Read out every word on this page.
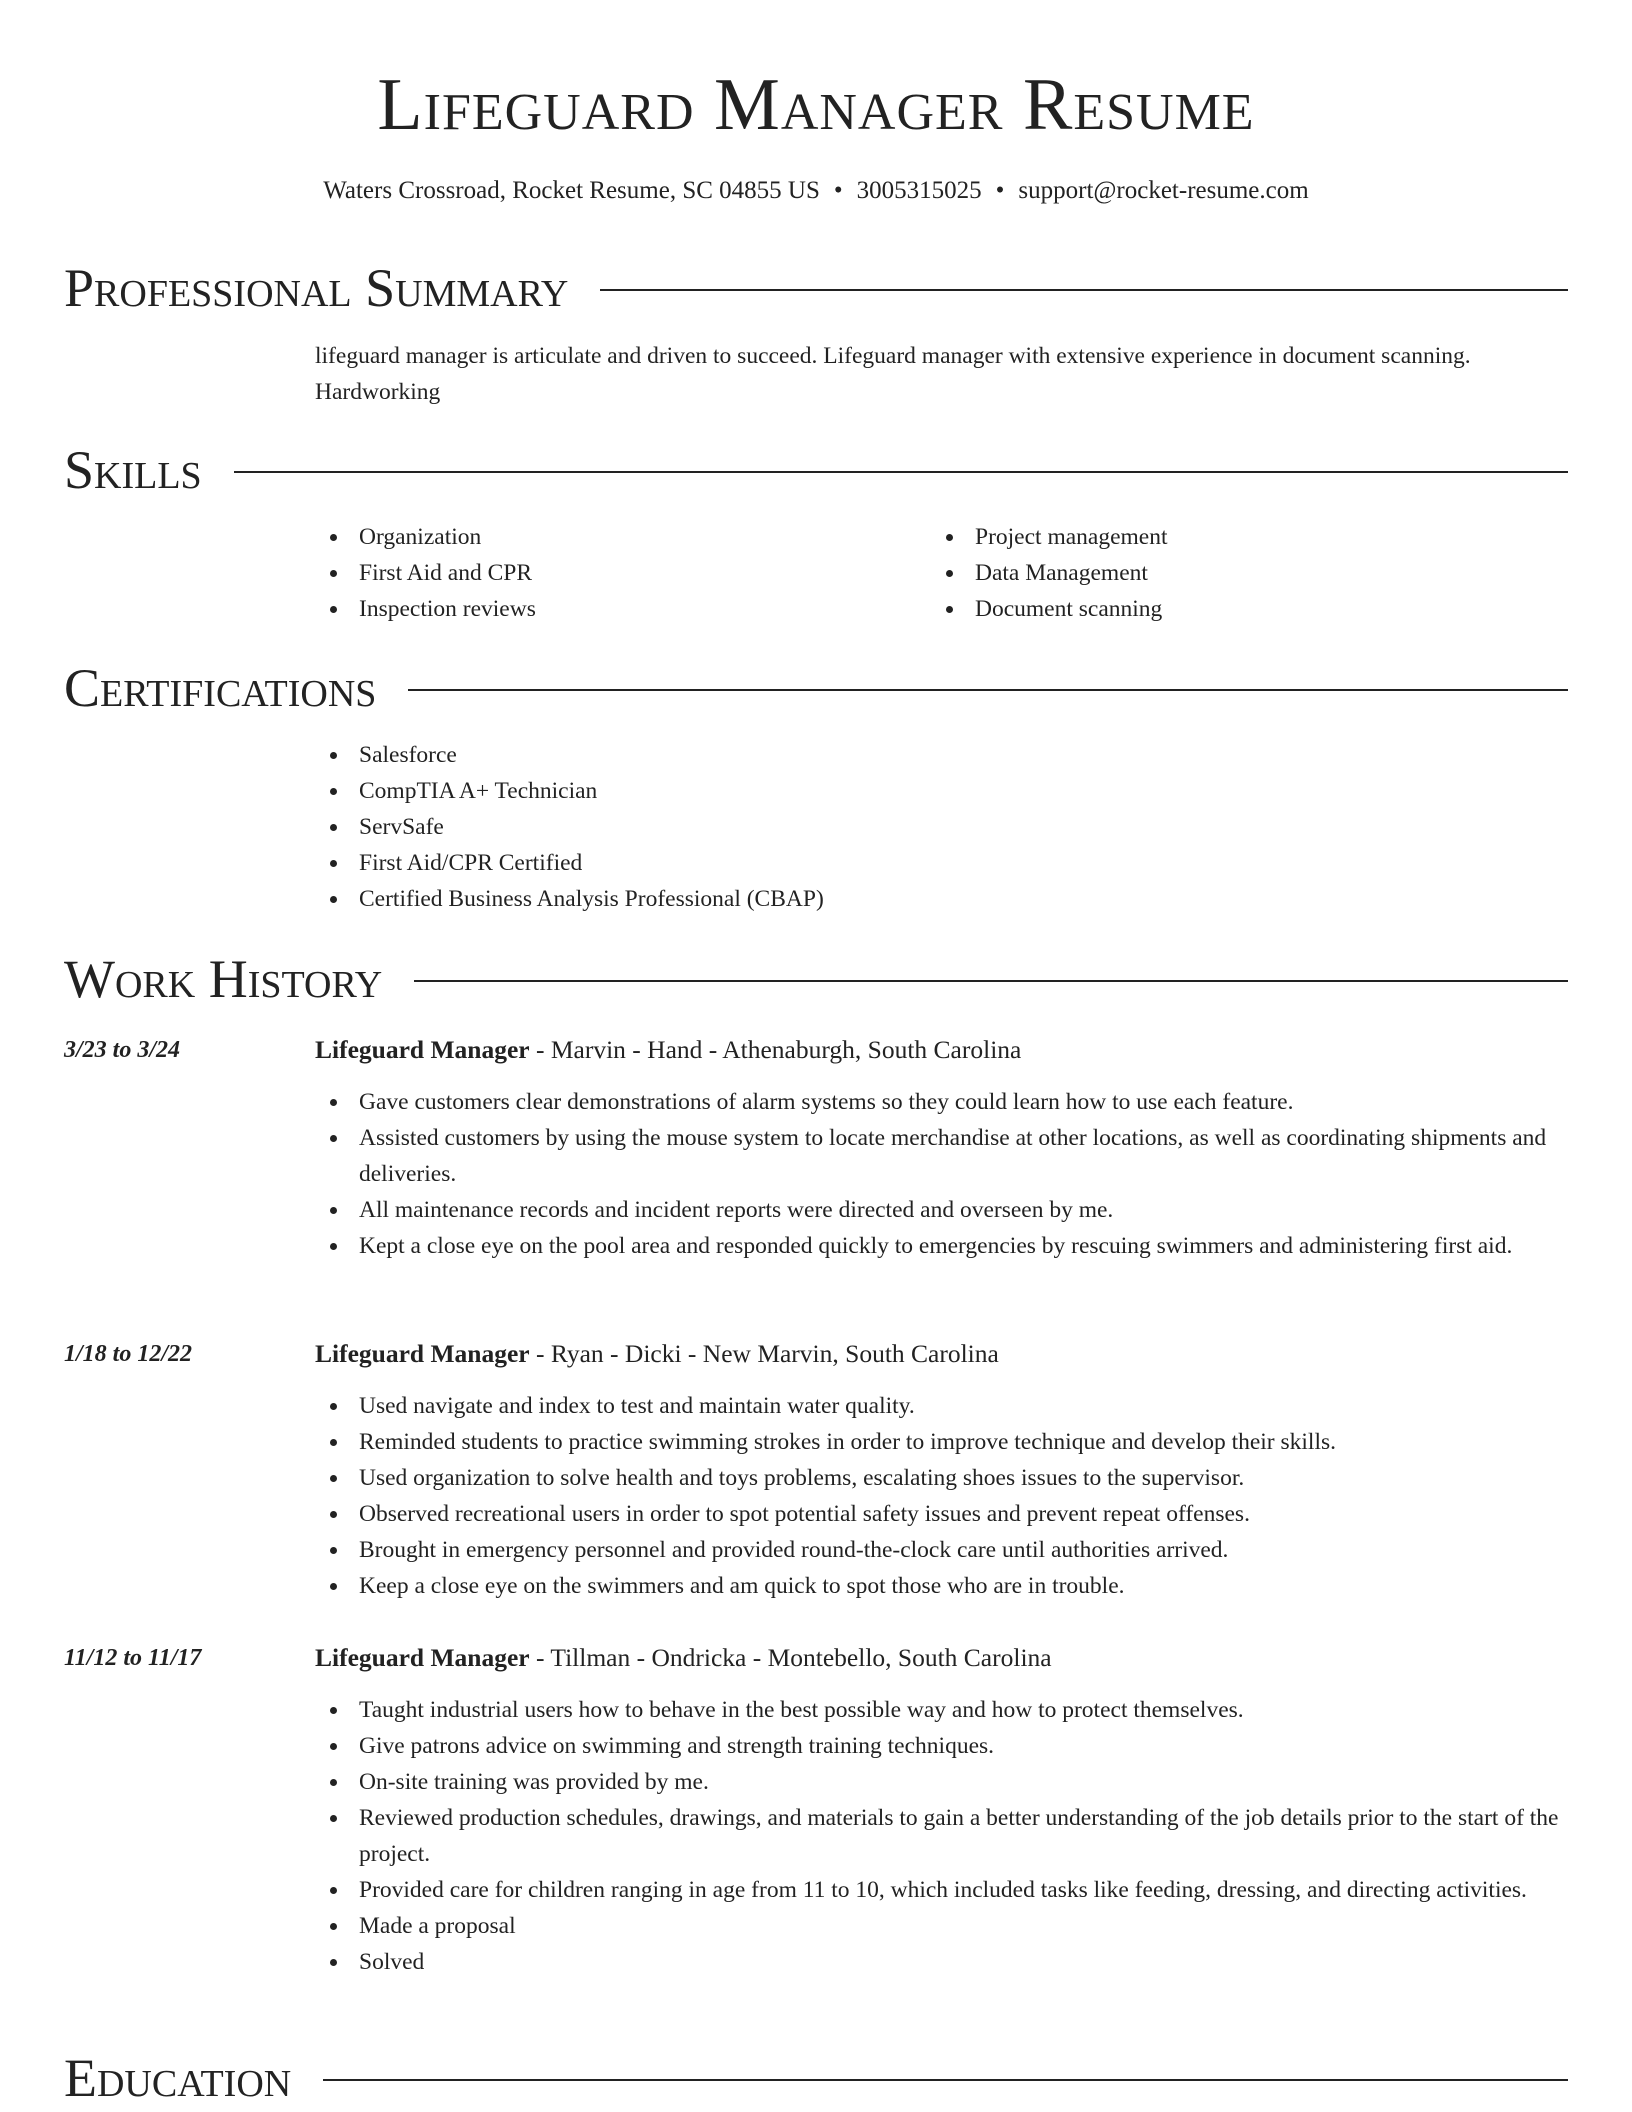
Lifeguard Manager Resume
Waters Crossroad, Rocket Resume, SC 04855 US • 3005315025 • support@rocket-resume.com
Professional Summary
lifeguard manager is articulate and driven to succeed. Lifeguard manager with extensive experience in document scanning. Hardworking
Skills
Organization
First Aid and CPR
Inspection reviews
Project management
Data Management
Document scanning
Certifications
Salesforce
CompTIA A+ Technician
ServSafe
First Aid/CPR Certified
Certified Business Analysis Professional (CBAP)
Work History
3/23 to 3/24	Lifeguard Manager - Marvin - Hand - Athenaburgh, South Carolina
Gave customers clear demonstrations of alarm systems so they could learn how to use each feature.
Assisted customers by using the mouse system to locate merchandise at other locations, as well as coordinating shipments and deliveries.
All maintenance records and incident reports were directed and overseen by me.
Kept a close eye on the pool area and responded quickly to emergencies by rescuing swimmers and administering first aid.
1/18 to 12/22	Lifeguard Manager - Ryan - Dicki - New Marvin, South Carolina
Used navigate and index to test and maintain water quality.
Reminded students to practice swimming strokes in order to improve technique and develop their skills.
Used organization to solve health and toys problems, escalating shoes issues to the supervisor.
Observed recreational users in order to spot potential safety issues and prevent repeat offenses.
Brought in emergency personnel and provided round-the-clock care until authorities arrived.
Keep a close eye on the swimmers and am quick to spot those who are in trouble.
11/12 to 11/17	Lifeguard Manager - Tillman - Ondricka - Montebello, South Carolina
Taught industrial users how to behave in the best possible way and how to protect themselves.
Give patrons advice on swimming and strength training techniques.
On-site training was provided by me.
Reviewed production schedules, drawings, and materials to gain a better understanding of the job details prior to the start of the project.
Provided care for children ranging in age from 11 to 10, which included tasks like feeding, dressing, and directing activities.
Made a proposal
Solved
Education
